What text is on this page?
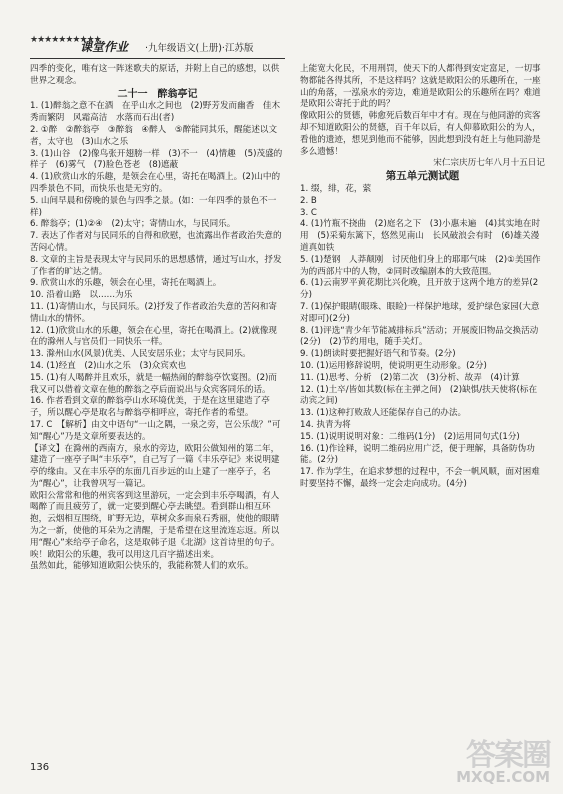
★★★★★★★★★★
课堂作业 ·九年级语文(上册)·江苏版

四季的变化，唯有这一阵迷歌夫的原话，并附上自己的感想，以供世界之观念。

二十一　醉翁亭记

1. (1)醉翁之意不在酒　在乎山水之间也　(2)野芳发而幽香　佳木秀而繁阴　风霜高洁　水落而石出(者)

2. ①醉　②醉翁亭　③醉翁　④醉人　⑤醉能同其乐，醒能述以文者，太守也　(3)山水之乐

3. (1)山谷　(2)像鸟张开翅膀一样　(3)不一　(4)情趣　(5)茂盛的样子　(6)雾气　(7)脸色苍老　(8)遮蔽

4. (1)欣赏山水的乐趣，是领会在心里，寄托在喝酒上。(2)山中的四季景色不同，而快乐也是无穷的。

5. 山间早晨和傍晚的景色与四季之景。(如：一年四季的景色不一样)

6. 醉翁亭；(1)②④　(2)太守；寄情山水，与民同乐。

7. 表达了作者对与民同乐的自得和欣慰，也流露出作者政治失意的苦闷心情。

8. 文章的主旨是表现太守与民同乐的思想感情，通过写山水，抒发了作者的旷达之情。

9. 欣赏山水的乐趣，领会在心里，寄托在喝酒上。

10. 沿着山路　以……为乐

11. (1)寄情山水，与民同乐。(2)抒发了作者政治失意的苦闷和寄情山水的情怀。

12. (1)欣赏山水的乐趣，领会在心里，寄托在喝酒上。(2)就像现在的滁州人与官员们一同快乐一样。

13. 滁州山水(风景)优美、人民安居乐业；太守与民同乐。

14. (1)经直　(2)山水之乐　(3)众宾欢也

15. (1)有人喝醉并且欢乐，就是一幅热闹的醉翁亭饮宴图。(2)而我又可以借着文章在他的醉翁之亭后面说出与众宾客同乐的话。

16. 作者看到文章的醉翁亭山水环境优美，于是在这里建造了亭子，所以醒心亭是取名与醉翁亭相呼应，寄托作者的希望。

17. C　【解析】由文中语句“一山之隅，一泉之旁，岂公乐哉？”可知“醒心”乃是文章所要表达的。

【译文】在滁州的西南方，泉水的旁边，欧阳公做知州的第二年，建造了一座亭子叫“丰乐亭”，自己写了一篇《丰乐亭记》来说明建亭的缘由。又在丰乐亭的东面几百步远的山上建了一座亭子，名为“醒心”，让我曾巩写一篇记。

欧阳公常常和他的州宾客到这里游玩，一定会到丰乐亭喝酒，有人喝醉了而且疲劳了，就一定要到醒心亭去眺望。看到群山相互环抱，云烟相互围绕，旷野无边，草树众多而泉石秀丽，使他的眼睛为之一新，使他的耳朵为之清醒，于是希望在这里流连忘返。所以用“醒心”来给亭子命名，这是取韩子退《北湖》这首诗里的句子。唉！欧阳公的乐趣，我可以用这几百字描述出来。

虽然如此，能够知道欧阳公快乐的，我能称赞人们的欢乐。

上能宽大化民，不用刑罚，使天下的人都得到安定富足，一切事物都能各得其所，不是这样吗？这就是欧阳公的乐趣所在，一座山的角落，一泓泉水的旁边，难道是欧阳公的乐趣所在吗？难道是欧阳公寄托于此的吗？

像欧阳公的贤德，韩愈死后数百年中才有。现在与他同游的宾客却不知道欧阳公的贤德，百千年以后，有人仰慕欧阳公的为人，看他的遗迹，想见到他而不能够，因此想到没有赶上与他同游是多么遗憾！

宋仁宗庆历七年八月十五日记

第五单元测试题

1. 缀，绯，花，萦

2. B

3. C

4. (1)竹瓶不挠曲　(2)庭名之下　(3)小惠未遍　(4)其实地在时用　(5)采菊东篱下，悠然见南山　长风破浪会有时　(6)雄关漫道真如铁

5. (1)楚钢　人莽颠刚　讨厌他们身上的耶耶气味　(2)①美国作为的西部片中的人物，②同时改编剧本的大致范围。

6. (1)云南罗平黄花期比兴化晚，且开放于这两个地方的差异(2分)

7. (1)保护眼睛(眼珠、眼睑)一样保护地球，爱护绿色家园(大意对即可)(2分)

8. (1)评选“青少年节能减排标兵”活动；开展废旧物品交换活动(2分)　(2)节约用电，随手关灯。

9. (1)朗读时要把握好语气和节奏。(2分)

10. (1)运用修辞说明，使说明更生动形象。(2分)

11. (1)思考、分析　(2)第二次　(3)分析、故弄　(4)计算

12. (1)土卒/皆如其数(标在主弹之间)　(2)缺惧/扶天使将(标在动宾之间)

13. (1)这种打败敌人还能保存自己的办法。

14. 执青为将

15. (1)说明说明对象：二维码(1分)　(2)运用同句式(1分)

16. (1)作诠释，说明二维码应用广泛，便于理解，具备防伪功能。(2分)

17. 作为学生，在追求梦想的过程中，不会一帆风顺，面对困难时要坚持不懈，最终一定会走向成功。(4分)

136	答案圈
MXQE.COM
